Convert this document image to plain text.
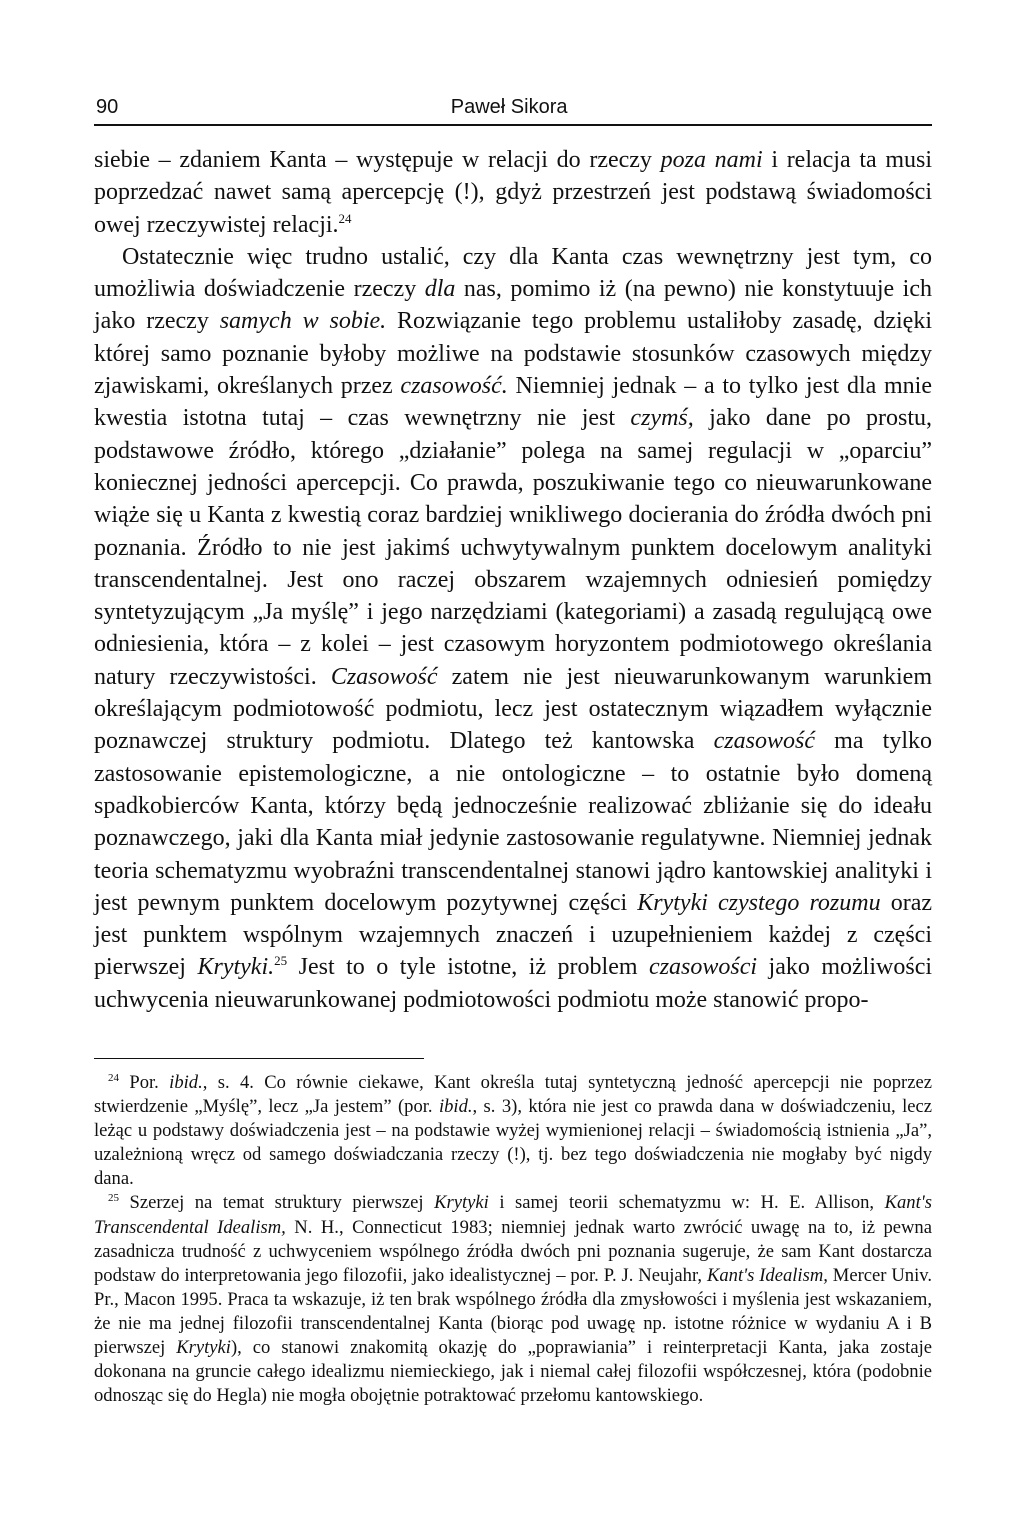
90	Paweł Sikora

siebie – zdaniem Kanta – występuje w relacji do rzeczy poza nami i relacja ta musi poprzedzać nawet samą apercepcję (!), gdyż przestrzeń jest podstawą świadomości owej rzeczywistej relacji.$^{24}$

Ostatecznie więc trudno ustalić, czy dla Kanta czas wewnętrzny jest tym, co umożliwia doświadczenie rzeczy dla nas, pomimo iż (na pewno) nie konstytuuje ich jako rzeczy samych w sobie. Rozwiązanie tego problemu ustaliłoby zasadę, dzięki której samo poznanie byłoby możliwe na podstawie stosunków czasowych między zjawiskami, określanych przez czasowość. Niemniej jednak – a to tylko jest dla mnie kwestia istotna tutaj – czas wewnętrzny nie jest czymś, jako dane po prostu, podstawowe źródło, którego „działanie” polega na samej regulacji w „oparciu” koniecznej jedności apercepcji. Co prawda, poszukiwanie tego co nieuwarunkowane wiąże się u Kanta z kwestią coraz bardziej wnikliwego docierania do źródła dwóch pni poznania. Źródło to nie jest jakimś uchwytywalnym punktem docelowym analityki transcendentalnej. Jest ono raczej obszarem wzajemnych odniesień pomiędzy syntetyzującym „Ja myślę” i jego narzędziami (kategoriami) a zasadą regulującą owe odniesienia, która – z kolei – jest czasowym horyzontem podmiotowego określania natury rzeczywistości. Czasowość zatem nie jest nieuwarunkowanym warunkiem określającym podmiotowość podmiotu, lecz jest ostatecznym wiązadłem wyłącznie poznawczej struktury podmiotu. Dlatego też kantowska czasowość ma tylko zastosowanie epistemologiczne, a nie ontologiczne – to ostatnie było domeną spadkobierców Kanta, którzy będą jednocześnie realizować zbliżanie się do ideału poznawczego, jaki dla Kanta miał jedynie zastosowanie regulatywne. Niemniej jednak teoria schematyzmu wyobraźni transcendentalnej stanowi jądro kantowskiej analityki i jest pewnym punktem docelowym pozytywnej części Krytyki czystego rozumu oraz jest punktem wspólnym wzajemnych znaczeń i uzupełnieniem każdej z części pierwszej Krytyki.$^{25}$ Jest to o tyle istotne, iż problem czasowości jako możliwości uchwycenia nieuwarunkowanej podmiotowości podmiotu może stanowić propo-

$^{24}$ Por. ibid., s. 4. Co równie ciekawe, Kant określa tutaj syntetyczną jedność apercepcji nie poprzez stwierdzenie „Myślę”, lecz „Ja jestem” (por. ibid., s. 3), która nie jest co prawda dana w doświadczeniu, lecz leżąc u podstawy doświadczenia jest – na podstawie wyżej wymienionej relacji – świadomością istnienia „Ja”, uzależnioną wręcz od samego doświadczania rzeczy (!), tj. bez tego doświadczenia nie mogłaby być nigdy dana.

$^{25}$ Szerzej na temat struktury pierwszej Krytyki i samej teorii schematyzmu w: H. E. Allison, Kant's Transcendental Idealism, N. H., Connecticut 1983; niemniej jednak warto zwrócić uwagę na to, iż pewna zasadnicza trudność z uchwyceniem wspólnego źródła dwóch pni poznania sugeruje, że sam Kant dostarcza podstaw do interpretowania jego filozofii, jako idealistycznej – por. P. J. Neujahr, Kant's Idealism, Mercer Univ. Pr., Macon 1995. Praca ta wskazuje, iż ten brak wspólnego źródła dla zmysłowości i myślenia jest wskazaniem, że nie ma jednej filozofii transcendentalnej Kanta (biorąc pod uwagę np. istotne różnice w wydaniu A i B pierwszej Krytyki), co stanowi znakomitą okazję do „poprawiania” i reinterpretacji Kanta, jaka zostaje dokonana na gruncie całego idealizmu niemieckiego, jak i niemal całej filozofii współczesnej, która (podobnie odnosząc się do Hegla) nie mogła obojętnie potraktować przełomu kantowskiego.
